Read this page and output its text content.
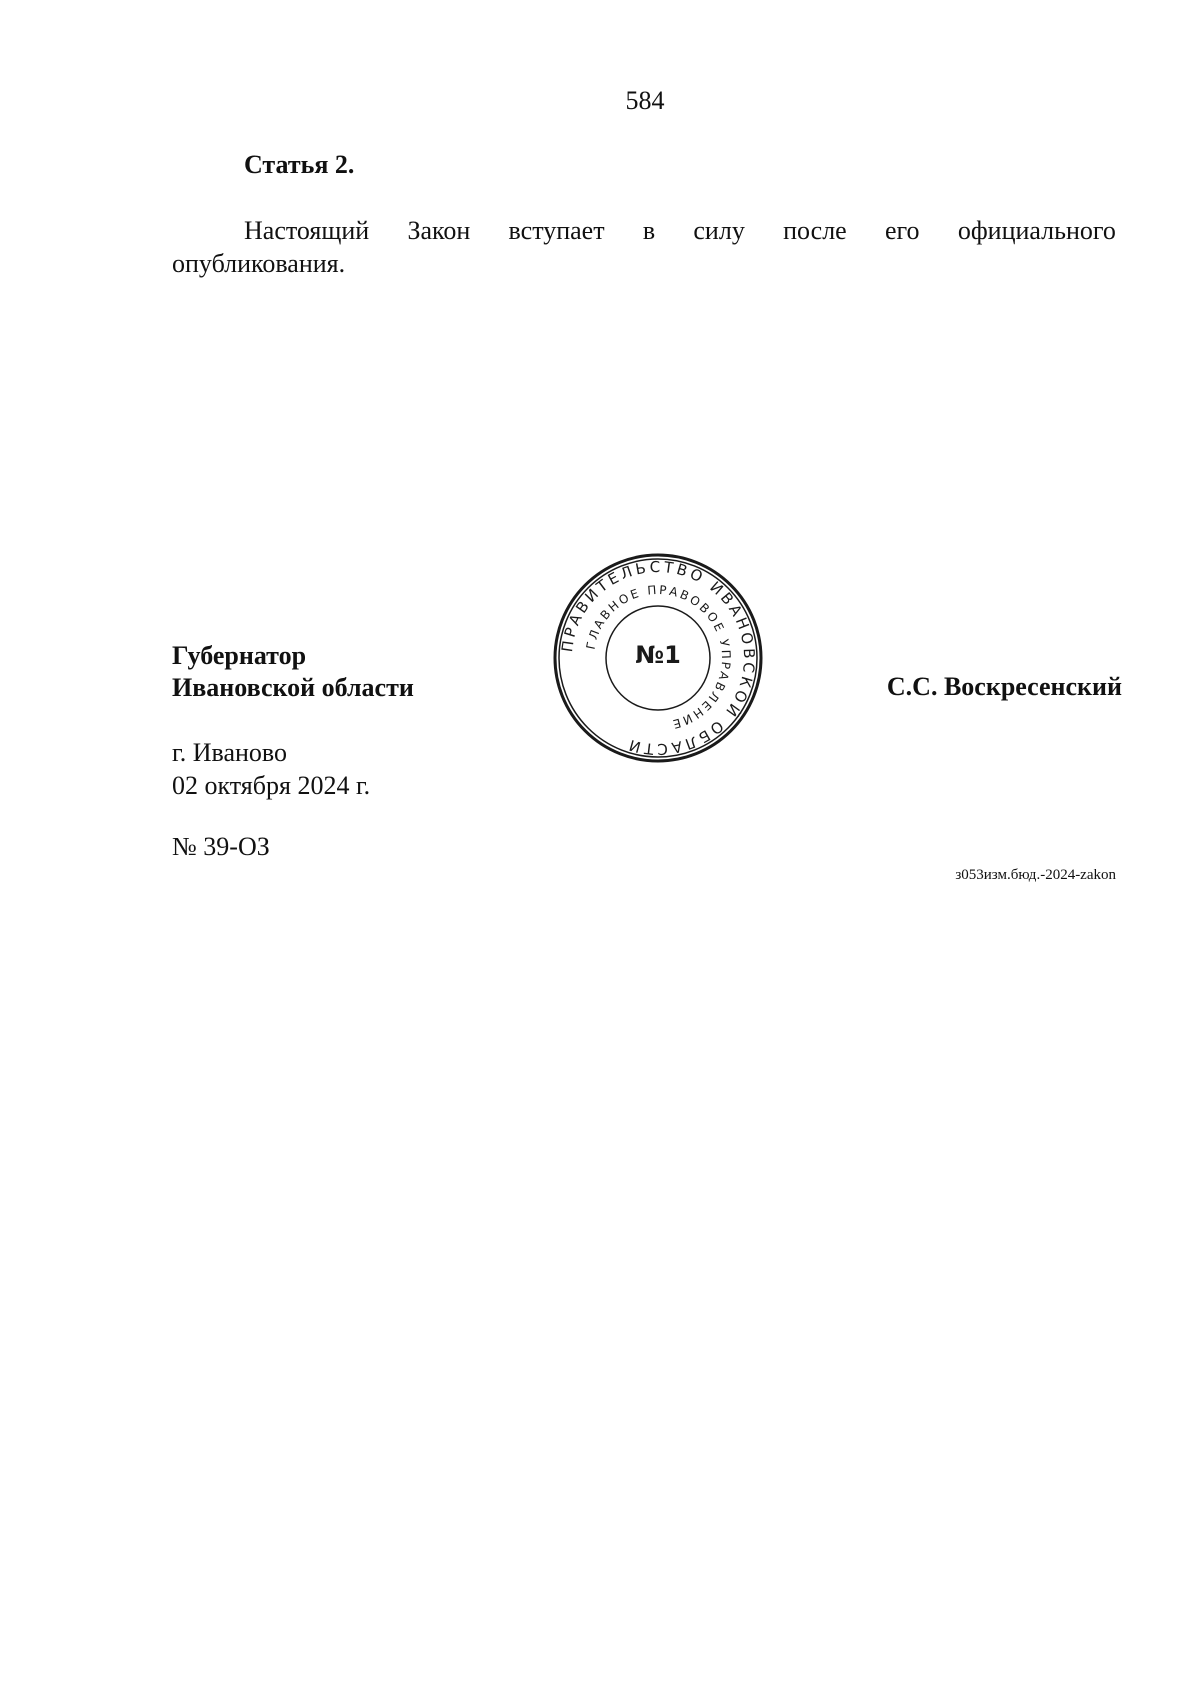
584
Статья 2.
Настоящий Закон вступает в силу после его официального
опубликования.
Губернатор
Ивановской области	С.С. Воскресенский
г. Иваново
02 октября 2024 г.
№ 39-ОЗ
з053изм.бюд.-2024-zakon
ПРАВИТЕЛЬСТВО ИВАНОВСКОЙ ОБЛАСТИ
ГЛАВНОЕ ПРАВОВОЕ УПРАВЛЕНИЕ
№1
